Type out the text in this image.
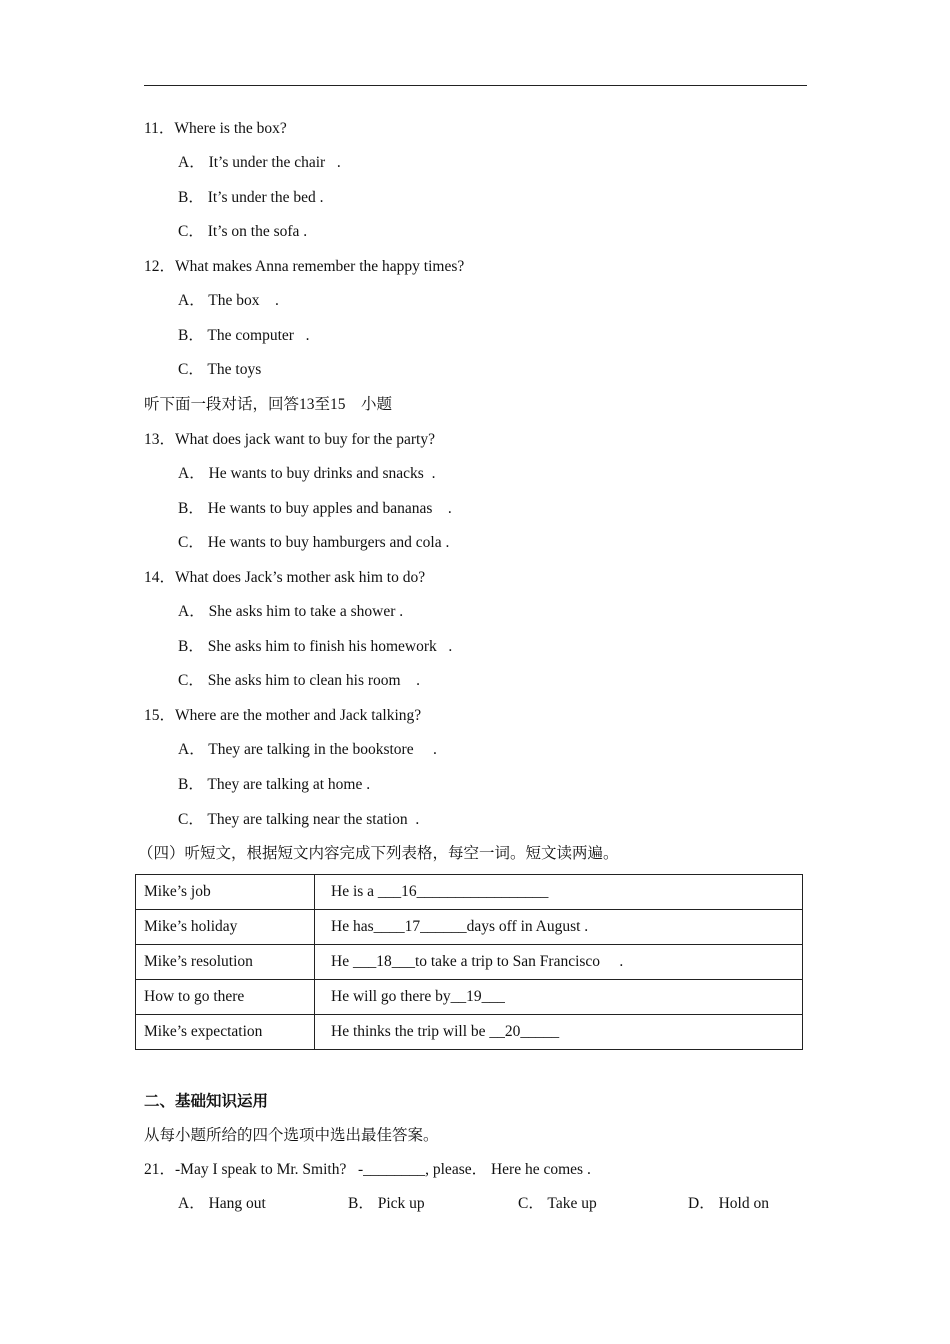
11．Where is the box?
A． It’s under the chair   .
B． It’s under the bed .
C． It’s on the sofa .
12．What makes Anna remember the happy times?
A． The box    .
B． The computer   .
C． The toys
听下面一段对话，回答13至15    小题
13．What does jack want to buy for the party?
A． He wants to buy drinks and snacks  .
B． He wants to buy apples and bananas    .
C． He wants to buy hamburgers and cola .
14．What does Jack’s mother ask him to do?
A． She asks him to take a shower .
B． She asks him to finish his homework   .
C． She asks him to clean his room    .
15．Where are the mother and Jack talking?
A． They are talking in the bookstore     .
B． They are talking at home .
C． They are talking near the station  .
（四）听短文，根据短文内容完成下列表格，每空一词。短文读两遍。
Mike’s job	He is a ___16_________________
Mike’s holiday	He has____17______days off in August .
Mike’s resolution	He ___18___to take a trip to San Francisco     .
How to go there	He will go there by__19___
Mike’s expectation	He thinks the trip will be __20_____
二、基础知识运用
从每小题所给的四个选项中选出最佳答案。
21．-May I speak to Mr. Smith?   -________, please． Here he comes .
A． Hang out	B． Pick up	C． Take up	D． Hold on
